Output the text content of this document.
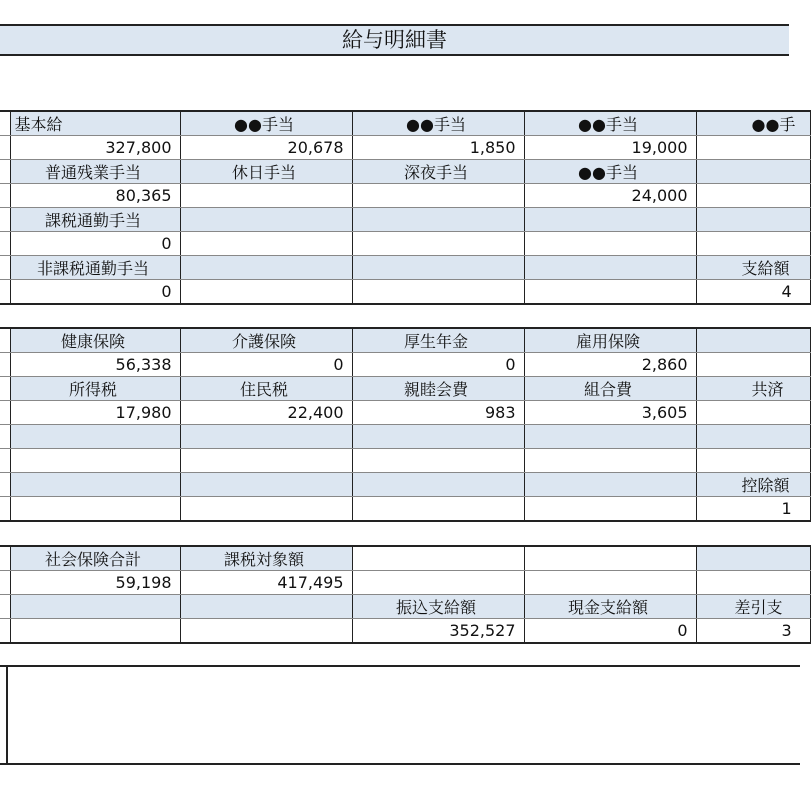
給与明細書
	基本給	●●手当	●●手当	●●手当	●●手
	327,800	20,678	1,850	19,000	
	普通残業手当	休日手当	深夜手当	●●手当	
	80,365			24,000	
	課税通勤手当				
	0				
	非課税通勤手当				支給額
	0				4
	健康保険	介護保険	厚生年金	雇用保険	
	56,338	0	0	2,860	
	所得税	住民税	親睦会費	組合費	共済
	17,980	22,400	983	3,605	

					控除額
					1
	社会保険合計	課税対象額			
	59,198	417,495			
			振込支給額	現金支給額	差引支
			352,527	0	3
